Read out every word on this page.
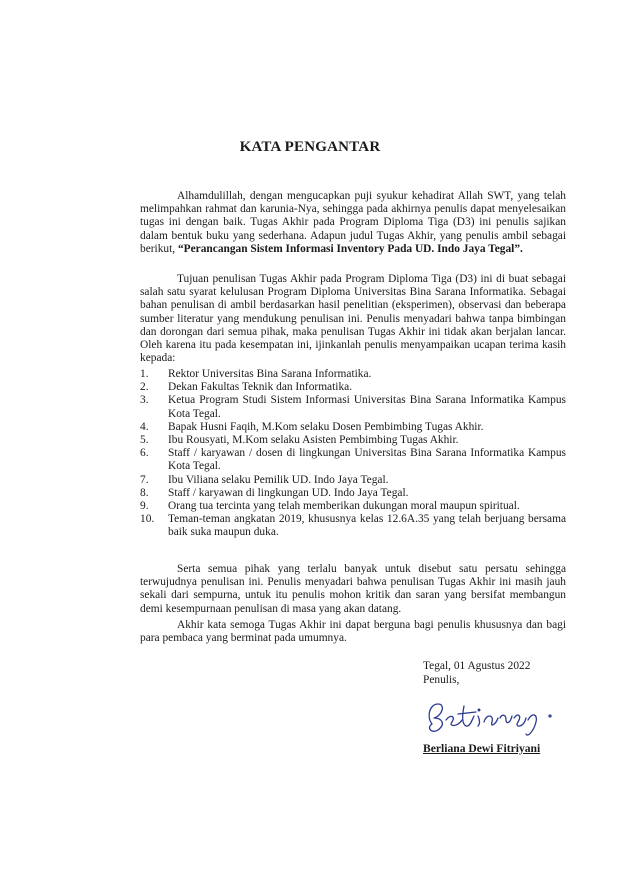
KATA PENGANTAR

Alhamdulillah, dengan mengucapkan puji syukur kehadirat Allah SWT, yang telah melimpahkan rahmat dan karunia-Nya, sehingga pada akhirnya penulis dapat menyelesaikan tugas ini dengan baik. Tugas Akhir pada Program Diploma Tiga (D3) ini penulis sajikan dalam bentuk buku yang sederhana. Adapun judul Tugas Akhir, yang penulis ambil sebagai berikut, “Perancangan Sistem Informasi Inventory Pada UD. Indo Jaya Tegal”.

Tujuan penulisan Tugas Akhir pada Program Diploma Tiga (D3) ini di buat sebagai salah satu syarat kelulusan Program Diploma Universitas Bina Sarana Informatika. Sebagai bahan penulisan di ambil berdasarkan hasil penelitian (eksperimen), observasi dan beberapa sumber literatur yang mendukung penulisan ini. Penulis menyadari bahwa tanpa bimbingan dan dorongan dari semua pihak, maka penulisan Tugas Akhir ini tidak akan berjalan lancar. Oleh karena itu pada kesempatan ini, ijinkanlah penulis menyampaikan ucapan terima kasih kepada:

1.	Rektor Universitas Bina Sarana Informatika.
2.	Dekan Fakultas Teknik dan Informatika.
3.	Ketua Program Studi Sistem Informasi Universitas Bina Sarana Informatika Kampus Kota Tegal.
4.	Bapak Husni Faqih, M.Kom selaku Dosen Pembimbing Tugas Akhir.
5.	Ibu Rousyati, M.Kom selaku Asisten Pembimbing Tugas Akhir.
6.	Staff / karyawan / dosen di lingkungan Universitas Bina Sarana Informatika Kampus Kota Tegal.
7.	Ibu Viliana selaku Pemilik UD. Indo Jaya Tegal.
8.	Staff / karyawan di lingkungan UD. Indo Jaya Tegal.
9.	Orang tua tercinta yang telah memberikan dukungan moral maupun spiritual.
10.	Teman-teman angkatan 2019, khususnya kelas 12.6A.35 yang telah berjuang bersama baik suka maupun duka.

Serta semua pihak yang terlalu banyak untuk disebut satu persatu sehingga terwujudnya penulisan ini. Penulis menyadari bahwa penulisan Tugas Akhir ini masih jauh sekali dari sempurna, untuk itu penulis mohon kritik dan saran yang bersifat membangun demi kesempurnaan penulisan di masa yang akan datang.

Akhir kata semoga Tugas Akhir ini dapat berguna bagi penulis khususnya dan bagi para pembaca yang berminat pada umumnya.

Tegal, 01 Agustus 2022
Penulis,
Berliana Dewi Fitriyani
